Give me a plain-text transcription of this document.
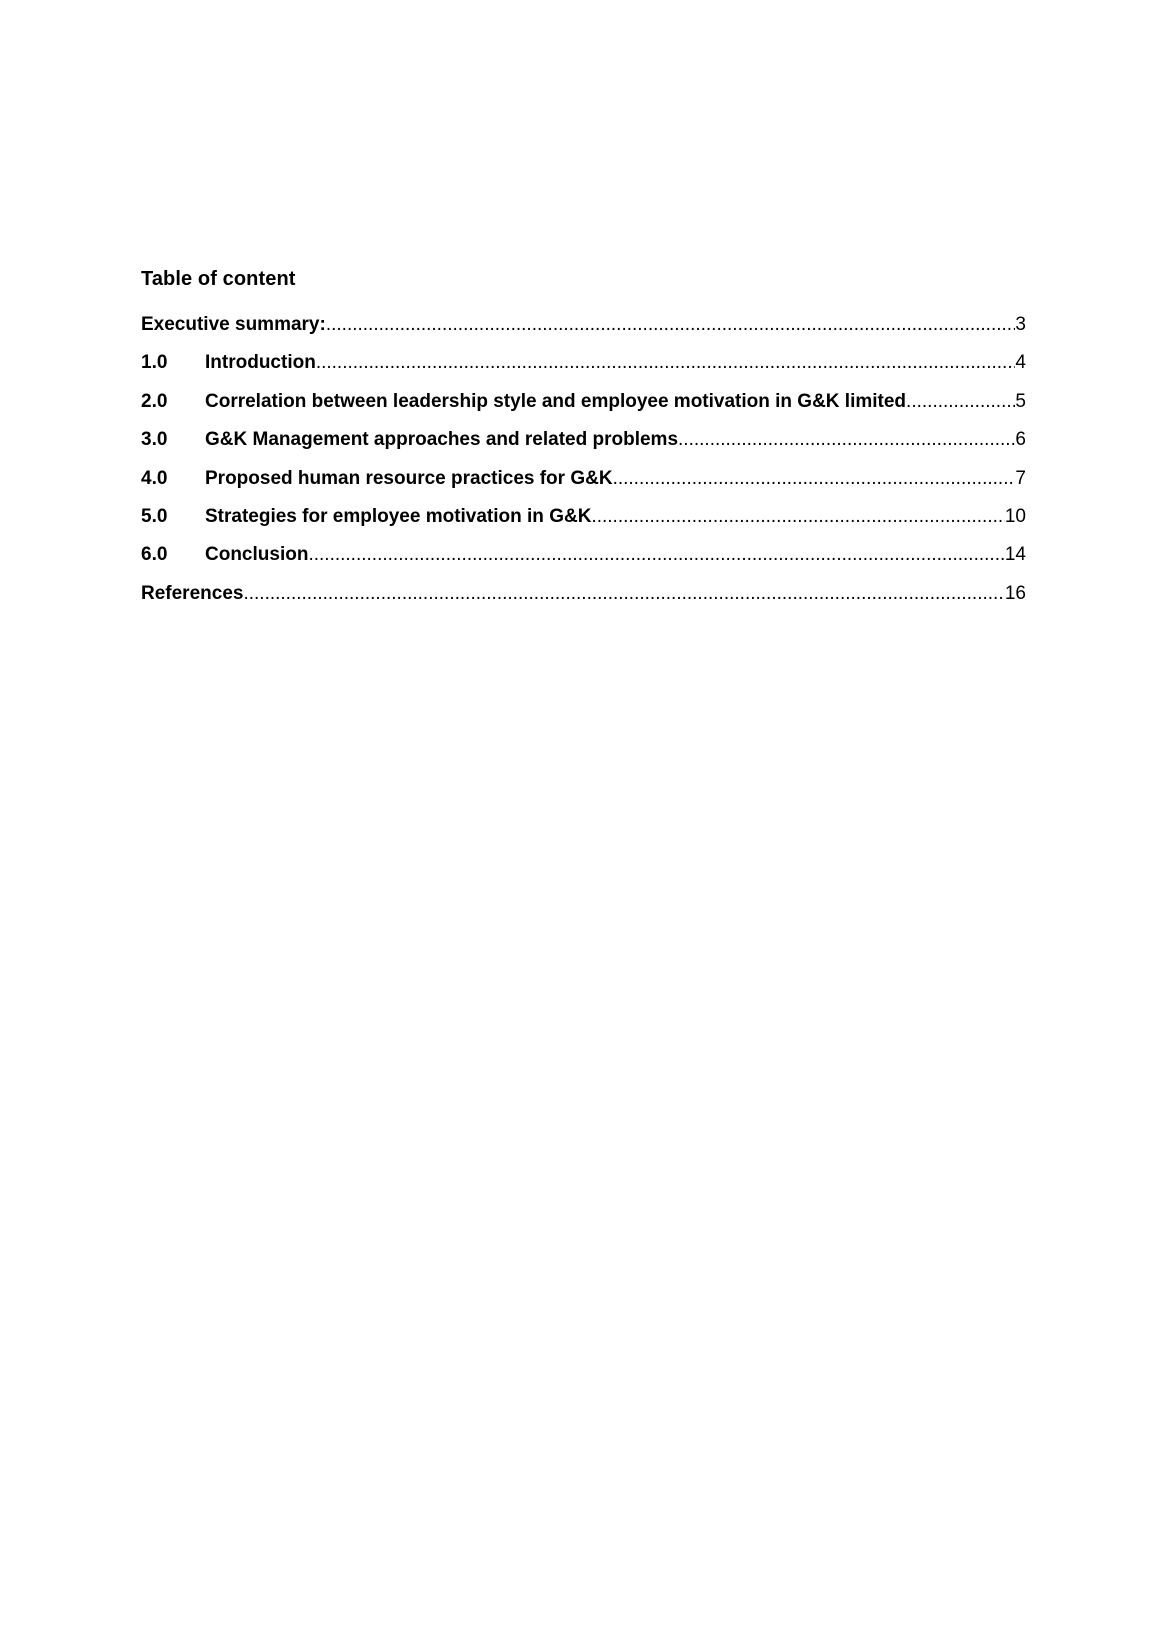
Table of content
Executive summary: .....	3
1.0	Introduction .....	4
2.0	Correlation between leadership style and employee motivation in G&K limited .....	5
3.0	G&K Management approaches and related problems .....	6
4.0	Proposed human resource practices for G&K .....	7
5.0	Strategies for employee motivation in G&K .....	10
6.0	Conclusion .....	14
References .....	16
